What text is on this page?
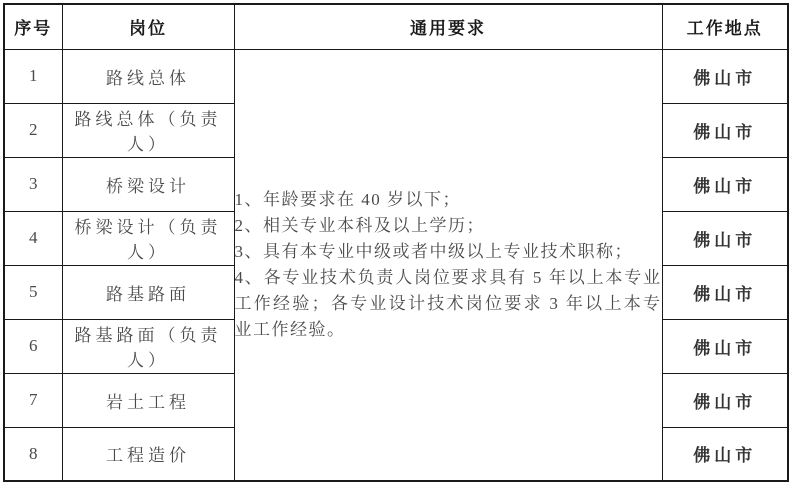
序号	岗位	通用要求	工作地点
1	路线总体	1、年龄要求在 40 岁以下；

2、相关专业本科及以上学历；

3、具有本专业中级或者中级以上专业技术职称；

4、各专业技术负责人岗位要求具有 5 年以上本专业工作经验；各专业设计技术岗位要求 3 年以上本专业工作经验。	佛山市
2	路线总体（负责人）		佛山市
3	桥梁设计		佛山市
4	桥梁设计（负责人）		佛山市
5	路基路面		佛山市
6	路基路面（负责人）		佛山市
7	岩土工程		佛山市
8	工程造价		佛山市
